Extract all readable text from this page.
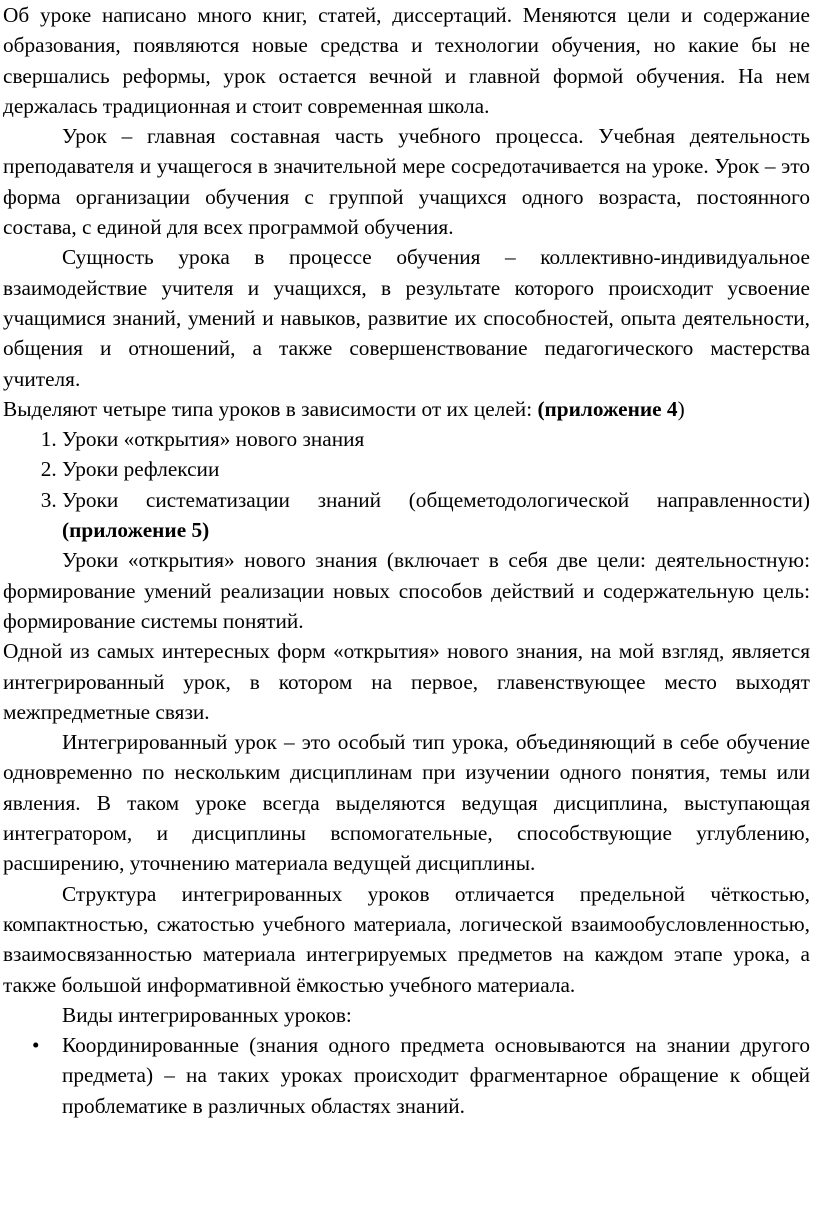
Об уроке написано много книг, статей, диссертаций. Меняются цели и содержание образования, появляются новые средства и технологии обучения, но какие бы не свершались реформы, урок остается вечной и главной формой обучения. На нем держалась традиционная и стоит современная школа.

Урок – главная составная часть учебного процесса. Учебная деятельность преподавателя и учащегося в значительной мере сосредотачивается на уроке. Урок – это форма организации обучения с группой учащихся одного возраста, постоянного состава, с единой для всех программой обучения.

Сущность урока в процессе обучения – коллективно-индивидуальное взаимодействие учителя и учащихся, в результате которого происходит усвоение учащимися знаний, умений и навыков, развитие их способностей, опыта деятельности, общения и отношений, а также совершенствование педагогического мастерства учителя.

Выделяют четыре типа уроков в зависимости от их целей: (приложение 4)

1. Уроки «открытия» нового знания
2. Уроки рефлексии
3. Уроки систематизации знаний (общеметодологической направленности) (приложение 5)

Уроки «открытия» нового знания (включает в себя две цели: деятельностную: формирование умений реализации новых способов действий и содержательную цель: формирование системы понятий.

Одной из самых интересных форм «открытия» нового знания, на мой взгляд, является интегрированный урок, в котором на первое, главенствующее место выходят межпредметные связи.

Интегрированный урок – это особый тип урока, объединяющий в себе обучение одновременно по нескольким дисциплинам при изучении одного понятия, темы или явления. В таком уроке всегда выделяются ведущая дисциплина, выступающая интегратором, и дисциплины вспомогательные, способствующие углублению, расширению, уточнению материала ведущей дисциплины.

Структура интегрированных уроков отличается предельной чёткостью, компактностью, сжатостью учебного материала, логической взаимообусловленностью, взаимосвязанностью материала интегрируемых предметов на каждом этапе урока, а также большой информативной ёмкостью учебного материала.

Виды интегрированных уроков:

• Координированные (знания одного предмета основываются на знании другого предмета) – на таких уроках происходит фрагментарное обращение к общей проблематике в различных областях знаний.
